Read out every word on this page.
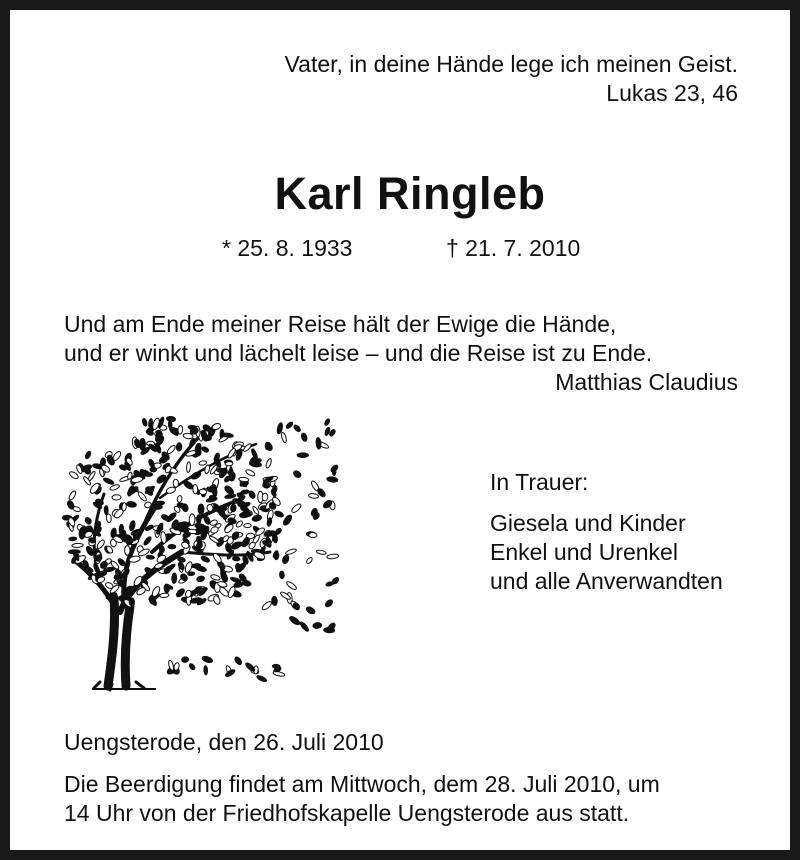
Vater, in deine Hände lege ich meinen Geist.
Lukas 23, 46
Karl Ringleb
* 25. 8. 1933	† 21. 7. 2010
Und am Ende meiner Reise hält der Ewige die Hände,
und er winkt und lächelt leise – und die Reise ist zu Ende.
Matthias Claudius
In Trauer:
Giesela und Kinder
Enkel und Urenkel
und alle Anverwandten
Uengsterode, den 26. Juli 2010
Die Beerdigung findet am Mittwoch, dem 28. Juli 2010, um
14 Uhr von der Friedhofskapelle Uengsterode aus statt.
